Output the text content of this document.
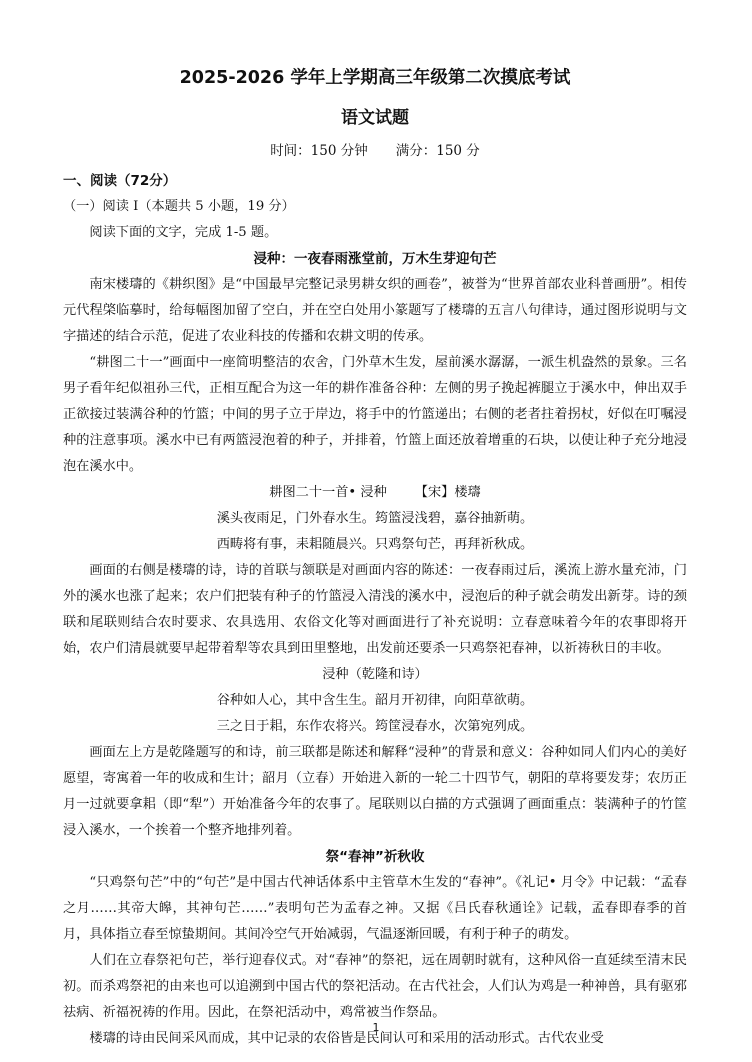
2025-2026 学年上学期高三年级第二次摸底考试

语文试题

时间：150 分钟 满分：150 分

一、阅读（72分）

（一）阅读 Ⅰ（本题共 5 小题，19 分）

阅读下面的文字，完成 1-5 题。

浸种：一夜春雨涨堂前，万木生芽迎句芒

南宋楼璹的《耕织图》是“中国最早完整记录男耕女织的画卷”，被誉为“世界首部农业科普画册”。相传元代程棨临摹时，给每幅图加留了空白，并在空白处用小篆题写了楼璹的五言八句律诗，通过图形说明与文字描述的结合示范，促进了农业科技的传播和农耕文明的传承。

“耕图二十一”画面中一座简明整洁的农舍，门外草木生发，屋前溪水潺潺，一派生机盎然的景象。三名男子看年纪似祖孙三代，正相互配合为这一年的耕作准备谷种：左侧的男子挽起裤腿立于溪水中，伸出双手正欲接过装满谷种的竹篮；中间的男子立于岸边，将手中的竹篮递出；右侧的老者拄着拐杖，好似在叮嘱浸种的注意事项。溪水中已有两篮浸泡着的种子，并排着，竹篮上面还放着增重的石块，以使让种子充分地浸泡在溪水中。

耕图二十一首• 浸种 【宋】楼璹

溪头夜雨足，门外春水生。筠篮浸浅碧，嘉谷抽新萌。

西畴将有事，耒耜随晨兴。只鸡祭句芒，再拜祈秋成。

画面的右侧是楼璹的诗，诗的首联与颔联是对画面内容的陈述：一夜春雨过后，溪流上游水量充沛，门外的溪水也涨了起来；农户们把装有种子的竹篮浸入清浅的溪水中，浸泡后的种子就会萌发出新芽。诗的颈联和尾联则结合农时要求、农具选用、农俗文化等对画面进行了补充说明：立春意味着今年的农事即将开始，农户们清晨就要早起带着犁等农具到田里整地，出发前还要杀一只鸡祭祀春神，以祈祷秋日的丰收。

浸种（乾隆和诗）

谷种如人心，其中含生生。韶月开初律，向阳草欲萌。

三之日于耜，东作农将兴。筠筐浸春水，次第宛列成。

画面左上方是乾隆题写的和诗，前三联都是陈述和解释“浸种”的背景和意义：谷种如同人们内心的美好愿望，寄寓着一年的收成和生计；韶月（立春）开始进入新的一轮二十四节气，朝阳的草将要发芽；农历正月一过就要拿耜（即“犁”）开始准备今年的农事了。尾联则以白描的方式强调了画面重点：装满种子的竹筐浸入溪水，一个挨着一个整齐地排列着。

祭“春神”祈秋收

“只鸡祭句芒”中的“句芒”是中国古代神话体系中主管草木生发的“春神”。《礼记• 月令》中记载：“孟春之月……其帝大皞，其神句芒……”表明句芒为孟春之神。又据《吕氏春秋通诠》记载，孟春即春季的首月，具体指立春至惊蛰期间。其间冷空气开始减弱，气温逐渐回暖，有利于种子的萌发。

人们在立春祭祀句芒，举行迎春仪式。对“春神”的祭祀，远在周朝时就有，这种风俗一直延续至清末民初。而杀鸡祭祀的由来也可以追溯到中国古代的祭祀活动。在古代社会，人们认为鸡是一种神兽，具有驱邪祛病、祈福祝祷的作用。因此，在祭祀活动中，鸡常被当作祭品。

楼璹的诗由民间采风而成，其中记录的农俗皆是民间认可和采用的活动形式。古代农业受

1
